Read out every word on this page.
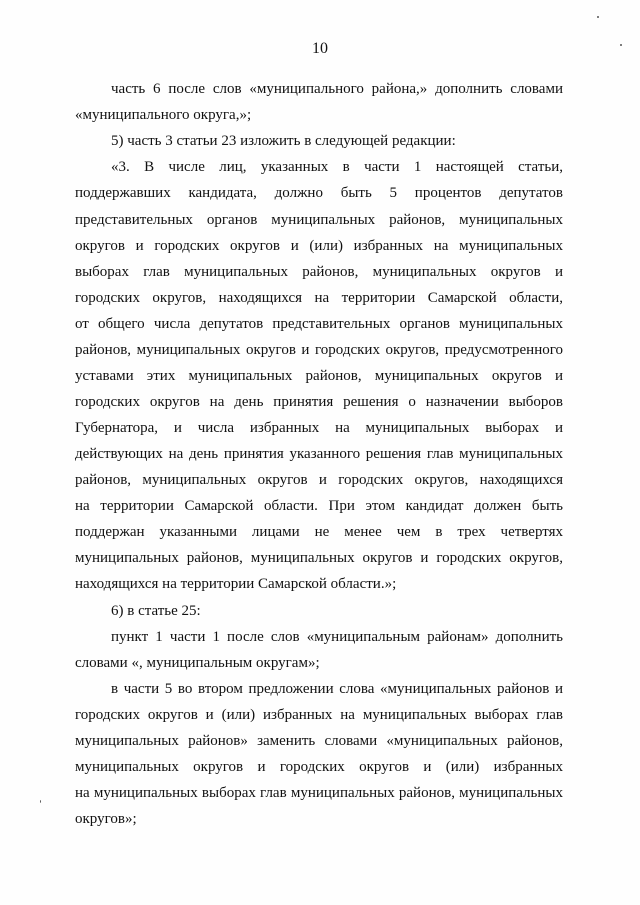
10
часть 6 после слов «муниципального района,» дополнить словами
«муниципального округа,»;
5) часть 3 статьи 23 изложить в следующей редакции:
«3. В числе лиц, указанных в части 1 настоящей статьи,
поддержавших кандидата, должно быть 5 процентов депутатов
представительных органов муниципальных районов, муниципальных
округов и городских округов и (или) избранных на муниципальных
выборах глав муниципальных районов, муниципальных округов и
городских округов, находящихся на территории Самарской области,
от общего числа депутатов представительных органов муниципальных
районов, муниципальных округов и городских округов, предусмотренного
уставами этих муниципальных районов, муниципальных округов и
городских округов на день принятия решения о назначении выборов
Губернатора, и числа избранных на муниципальных выборах и
действующих на день принятия указанного решения глав муниципальных
районов, муниципальных округов и городских округов, находящихся
на территории Самарской области. При этом кандидат должен быть
поддержан указанными лицами не менее чем в трех четвертях
муниципальных районов, муниципальных округов и городских округов,
находящихся на территории Самарской области.»;
6) в статье 25:
пункт 1 части 1 после слов «муниципальным районам» дополнить
словами «, муниципальным округам»;
в части 5 во втором предложении слова «муниципальных районов и
городских округов и (или) избранных на муниципальных выборах глав
муниципальных районов» заменить словами «муниципальных районов,
муниципальных округов и городских округов и (или) избранных
на муниципальных выборах глав муниципальных районов, муниципальных
округов»;
